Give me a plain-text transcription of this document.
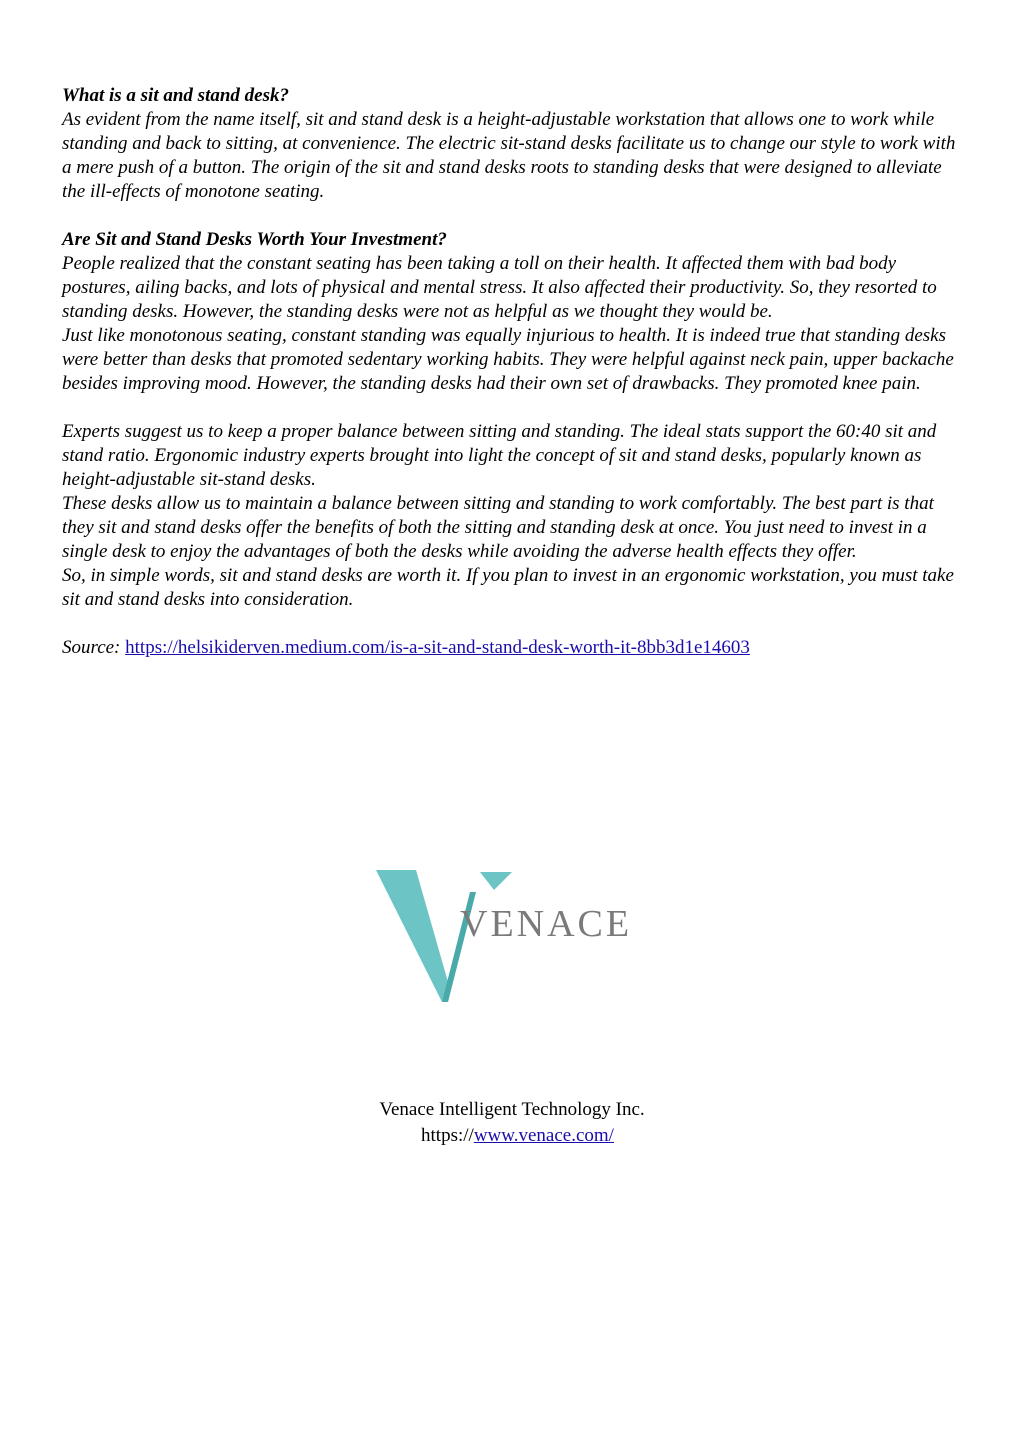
What is a sit and stand desk?

As evident from the name itself, sit and stand desk is a height-adjustable workstation that allows one to work while standing and back to sitting, at convenience. The electric sit-stand desks facilitate us to change our style to work with a mere push of a button. The origin of the sit and stand desks roots to standing desks that were designed to alleviate the ill-effects of monotone seating.

Are Sit and Stand Desks Worth Your Investment?

People realized that the constant seating has been taking a toll on their health. It affected them with bad body postures, ailing backs, and lots of physical and mental stress. It also affected their productivity. So, they resorted to standing desks. However, the standing desks were not as helpful as we thought they would be.

Just like monotonous seating, constant standing was equally injurious to health. It is indeed true that standing desks were better than desks that promoted sedentary working habits. They were helpful against neck pain, upper backache besides improving mood. However, the standing desks had their own set of drawbacks. They promoted knee pain.

Experts suggest us to keep a proper balance between sitting and standing. The ideal stats support the 60:40 sit and stand ratio. Ergonomic industry experts brought into light the concept of sit and stand desks, popularly known as height-adjustable sit-stand desks.

These desks allow us to maintain a balance between sitting and standing to work comfortably. The best part is that they sit and stand desks offer the benefits of both the sitting and standing desk at once. You just need to invest in a single desk to enjoy the advantages of both the desks while avoiding the adverse health effects they offer.

So, in simple words, sit and stand desks are worth it. If you plan to invest in an ergonomic workstation, you must take sit and stand desks into consideration.

Source: https://helsikiderven.medium.com/is-a-sit-and-stand-desk-worth-it-8bb3d1e14603
VENACE
Venace Intelligent Technology Inc.
https://www.venace.com/
